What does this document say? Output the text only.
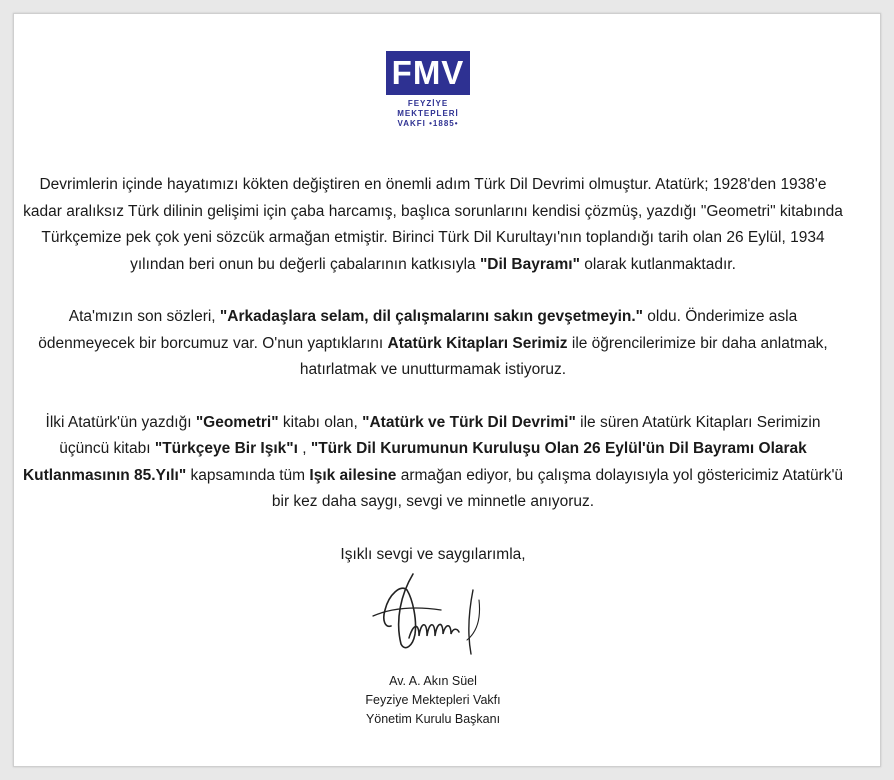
FMV
FEYZİYE
MEKTEPLERİ
VAKFI •1885•

Devrimlerin içinde hayatımızı kökten değiştiren en önemli adım Türk Dil Devrimi olmuştur. Atatürk; 1928'den 1938'e kadar aralıksız Türk dilinin gelişimi için çaba harcamış, başlıca sorunlarını kendisi çözmüş, yazdığı "Geometri" kitabında Türkçemize pek çok yeni sözcük armağan etmiştir. Birinci Türk Dil Kurultayı'nın toplandığı tarih olan 26 Eylül, 1934 yılından beri onun bu değerli çabalarının katkısıyla "Dil Bayramı" olarak kutlanmaktadır.

Ata'mızın son sözleri, "Arkadaşlara selam, dil çalışmalarını sakın gevşetmeyin." oldu. Önderimize asla ödenmeyecek bir borcumuz var. O'nun yaptıklarını Atatürk Kitapları Serimiz ile öğrencilerimize bir daha anlatmak, hatırlatmak ve unutturmamak istiyoruz.

İlki Atatürk'ün yazdığı "Geometri" kitabı olan, "Atatürk ve Türk Dil Devrimi" ile süren Atatürk Kitapları Serimizin üçüncü kitabı "Türkçeye Bir Işık"ı , "Türk Dil Kurumunun Kuruluşu Olan 26 Eylül'ün Dil Bayramı Olarak Kutlanmasının 85.Yılı" kapsamında tüm Işık ailesine armağan ediyor, bu çalışma dolayısıyla yol göstericimiz Atatürk'ü bir kez daha saygı, sevgi ve minnetle anıyoruz.

Işıklı sevgi ve saygılarımla,

Av. A. Akın Süel
Feyziye Mektepleri Vakfı
Yönetim Kurulu Başkanı
